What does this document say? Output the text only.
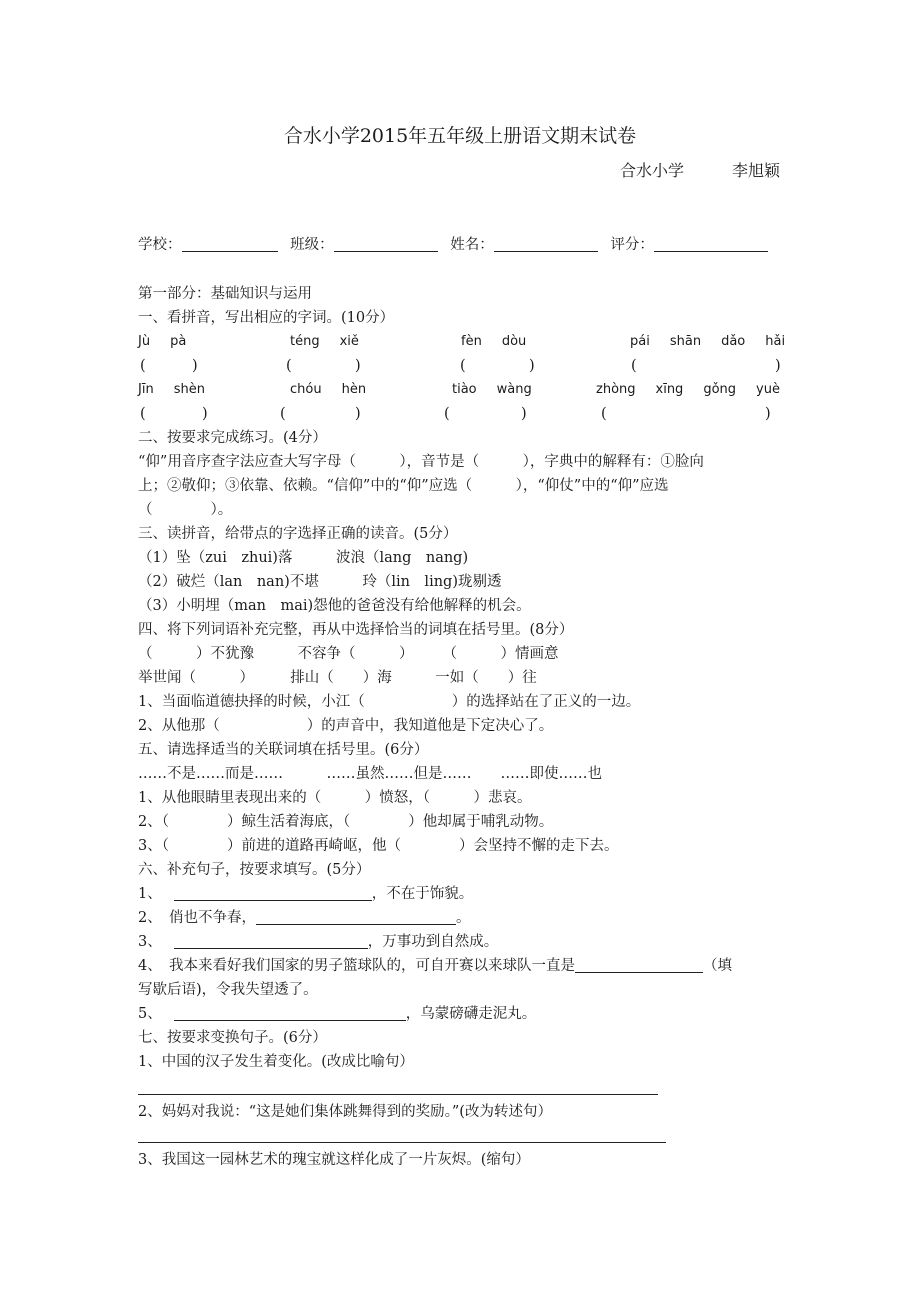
合水小学2015年五年级上册语文期末试卷
合水小学	李旭颖
学校：	班级：	姓名：	评分：
第一部分：基础知识与运用
一、看拼音，写出相应的字词。(10分）
Jù pà	téng xiě	fèn dòu	pái shān dǎo hǎi
(	)	(	)	(	)	(	)
Jīn shèn	chóu hèn	tiào wàng	zhòng xīng gǒng yuè
(	)	(	)	(	)	(	)
二、按要求完成练习。(4分）
“仰”用音序查字法应查大写字母（　　　），音节是（　　　），字典中的解释有：①脸向
上；②敬仰；③依靠、依赖。“信仰”中的“仰”应选（　　　），“仰仗”中的“仰”应选
（　　　　）。
三、读拼音，给带点的字选择正确的读音。(5分）
（1）坠（zui　zhui)落　　　波浪（lang　nang)
（2）破烂（lan　nan)不堪　　　玲（lin　ling)珑剔透
（3）小明埋（man　mai)怨他的爸爸没有给他解释的机会。
四、将下列词语补充完整，再从中选择恰当的词填在括号里。(8分）
（　　　）不犹豫　　　不容争（　　　）　　　（　　　）情画意
举世闻（　　　）　　　排山（　　）海　　　一如（　　）往
1、当面临道德抉择的时候，小江（　　　　　　）的选择站在了正义的一边。
2、从他那（　　　　　　）的声音中，我知道他是下定决心了。
五、请选择适当的关联词填在括号里。(6分）
……不是……而是……　　　……虽然……但是……　　……即使……也
1、从他眼睛里表现出来的（　　　）愤怒，（　　　）悲哀。
2、（　　　　）鲸生活着海底，（　　　　）他却属于哺乳动物。
3、（　　　　）前进的道路再崎岖，他（　　　　）会坚持不懈的走下去。
六、补充句子，按要求填写。(5分）
1、	，不在于饰貌。
2、　俏也不争春，	。
3、	，万事功到自然成。
4、　我本来看好我们国家的男子篮球队的，可自开赛以来球队一直是	（填
写歇后语)，令我失望透了。
5、	，乌蒙磅礴走泥丸。
七、按要求变换句子。(6分）
1、中国的汉子发生着变化。(改成比喻句）
2、妈妈对我说：“这是她们集体跳舞得到的奖励。”(改为转述句）
3、我国这一园林艺术的瑰宝就这样化成了一片灰烬。(缩句）
